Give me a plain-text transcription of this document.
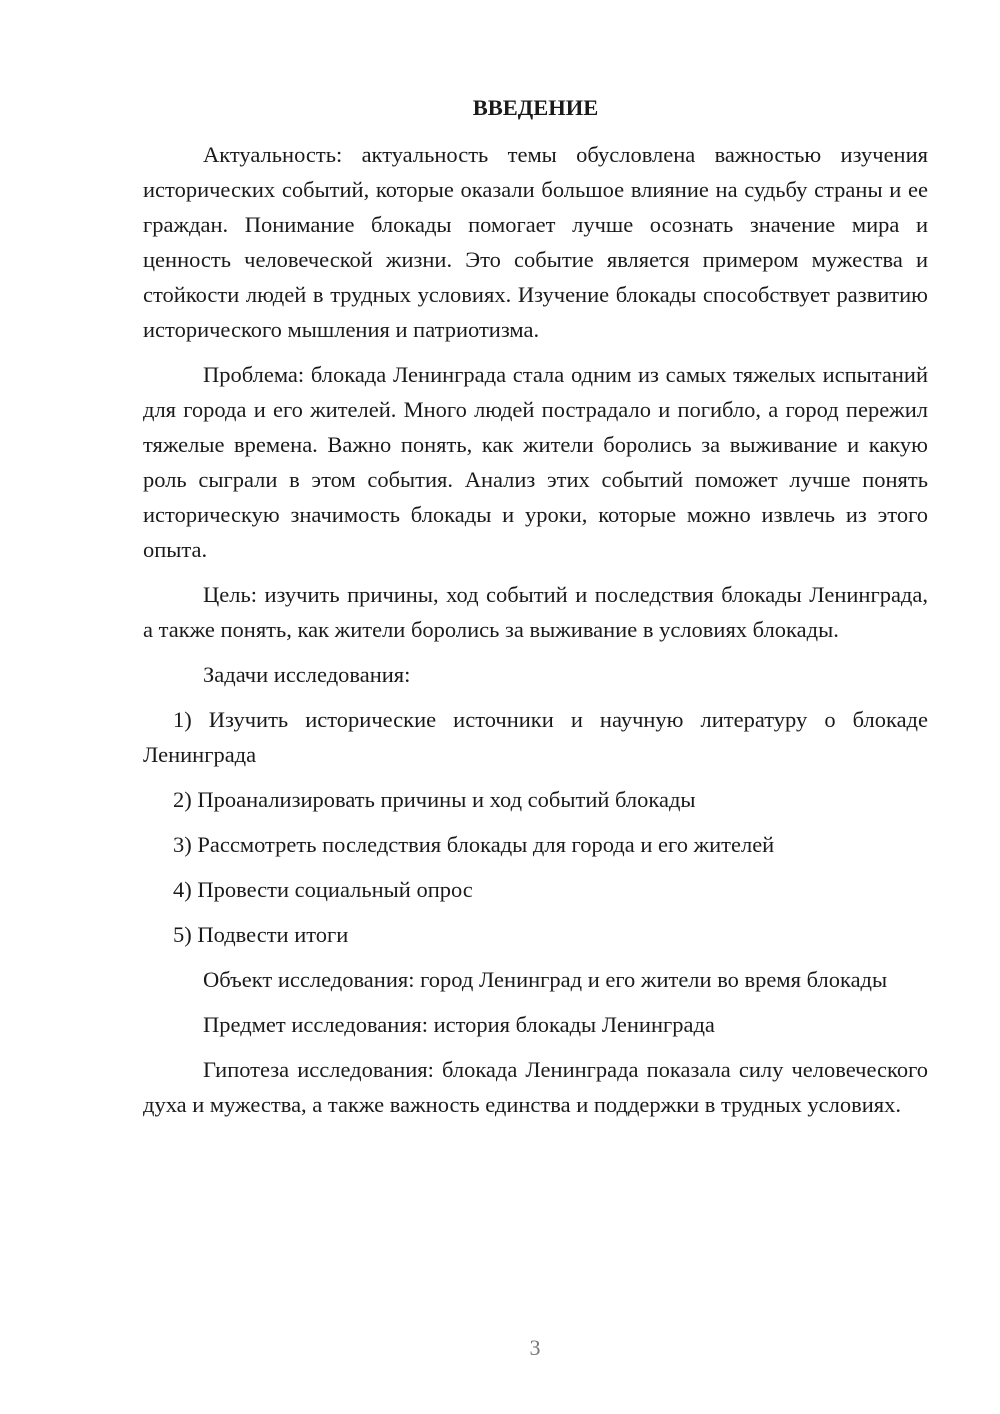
ВВЕДЕНИЕ

Актуальность: актуальность темы обусловлена важностью изучения исторических событий, которые оказали большое влияние на судьбу страны и ее граждан. Понимание блокады помогает лучше осознать значение мира и ценность человеческой жизни. Это событие является примером мужества и стойкости людей в трудных условиях. Изучение блокады способствует развитию исторического мышления и патриотизма.

Проблема: блокада Ленинграда стала одним из самых тяжелых испытаний для города и его жителей. Много людей пострадало и погибло, а город пережил тяжелые времена. Важно понять, как жители боролись за выживание и какую роль сыграли в этом события. Анализ этих событий поможет лучше понять историческую значимость блокады и уроки, которые можно извлечь из этого опыта.

Цель: изучить причины, ход событий и последствия блокады Ленинграда, а также понять, как жители боролись за выживание в условиях блокады.

Задачи исследования:

1) Изучить исторические источники и научную литературу о блокаде Ленинграда

2) Проанализировать причины и ход событий блокады

3) Рассмотреть последствия блокады для города и его жителей

4) Провести социальный опрос

5) Подвести итоги

Объект исследования: город Ленинград и его жители во время блокады

Предмет исследования: история блокады Ленинграда

Гипотеза исследования: блокада Ленинграда показала силу человеческого духа и мужества, а также важность единства и поддержки в трудных условиях.

3
